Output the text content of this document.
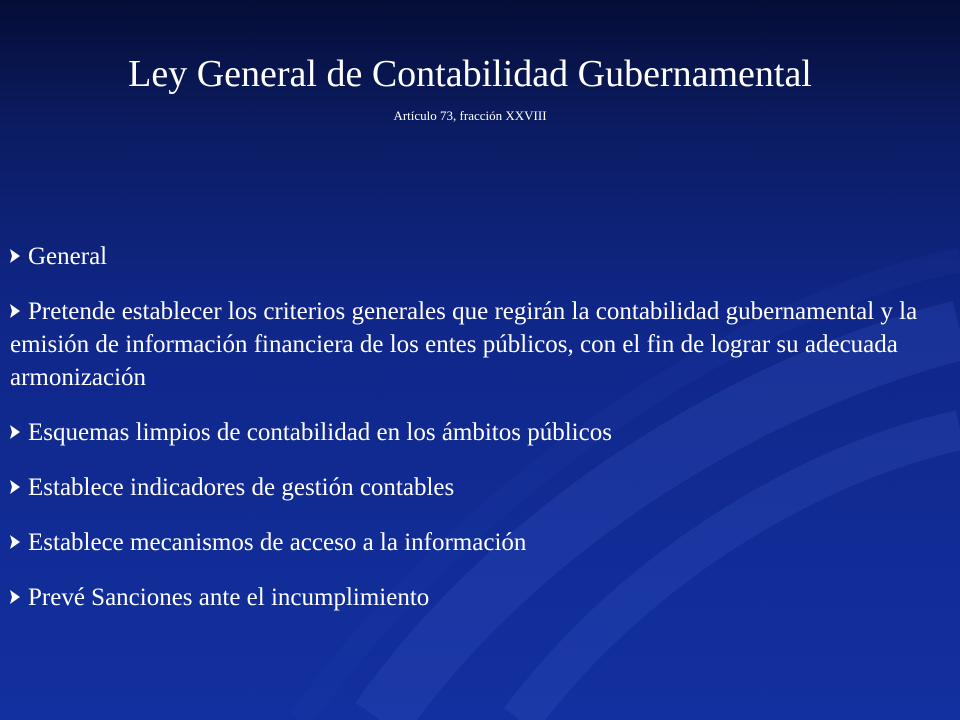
Ley General de Contabilidad Gubernamental
Artículo 73, fracción XXVIII
General
Pretende establecer los criterios generales que regirán la contabilidad gubernamental y la emisión de información financiera de los entes públicos, con el fin de lograr su adecuada armonización
Esquemas limpios de contabilidad en los ámbitos públicos
Establece indicadores de gestión contables
Establece mecanismos de acceso a la información
Prevé Sanciones ante el incumplimiento
